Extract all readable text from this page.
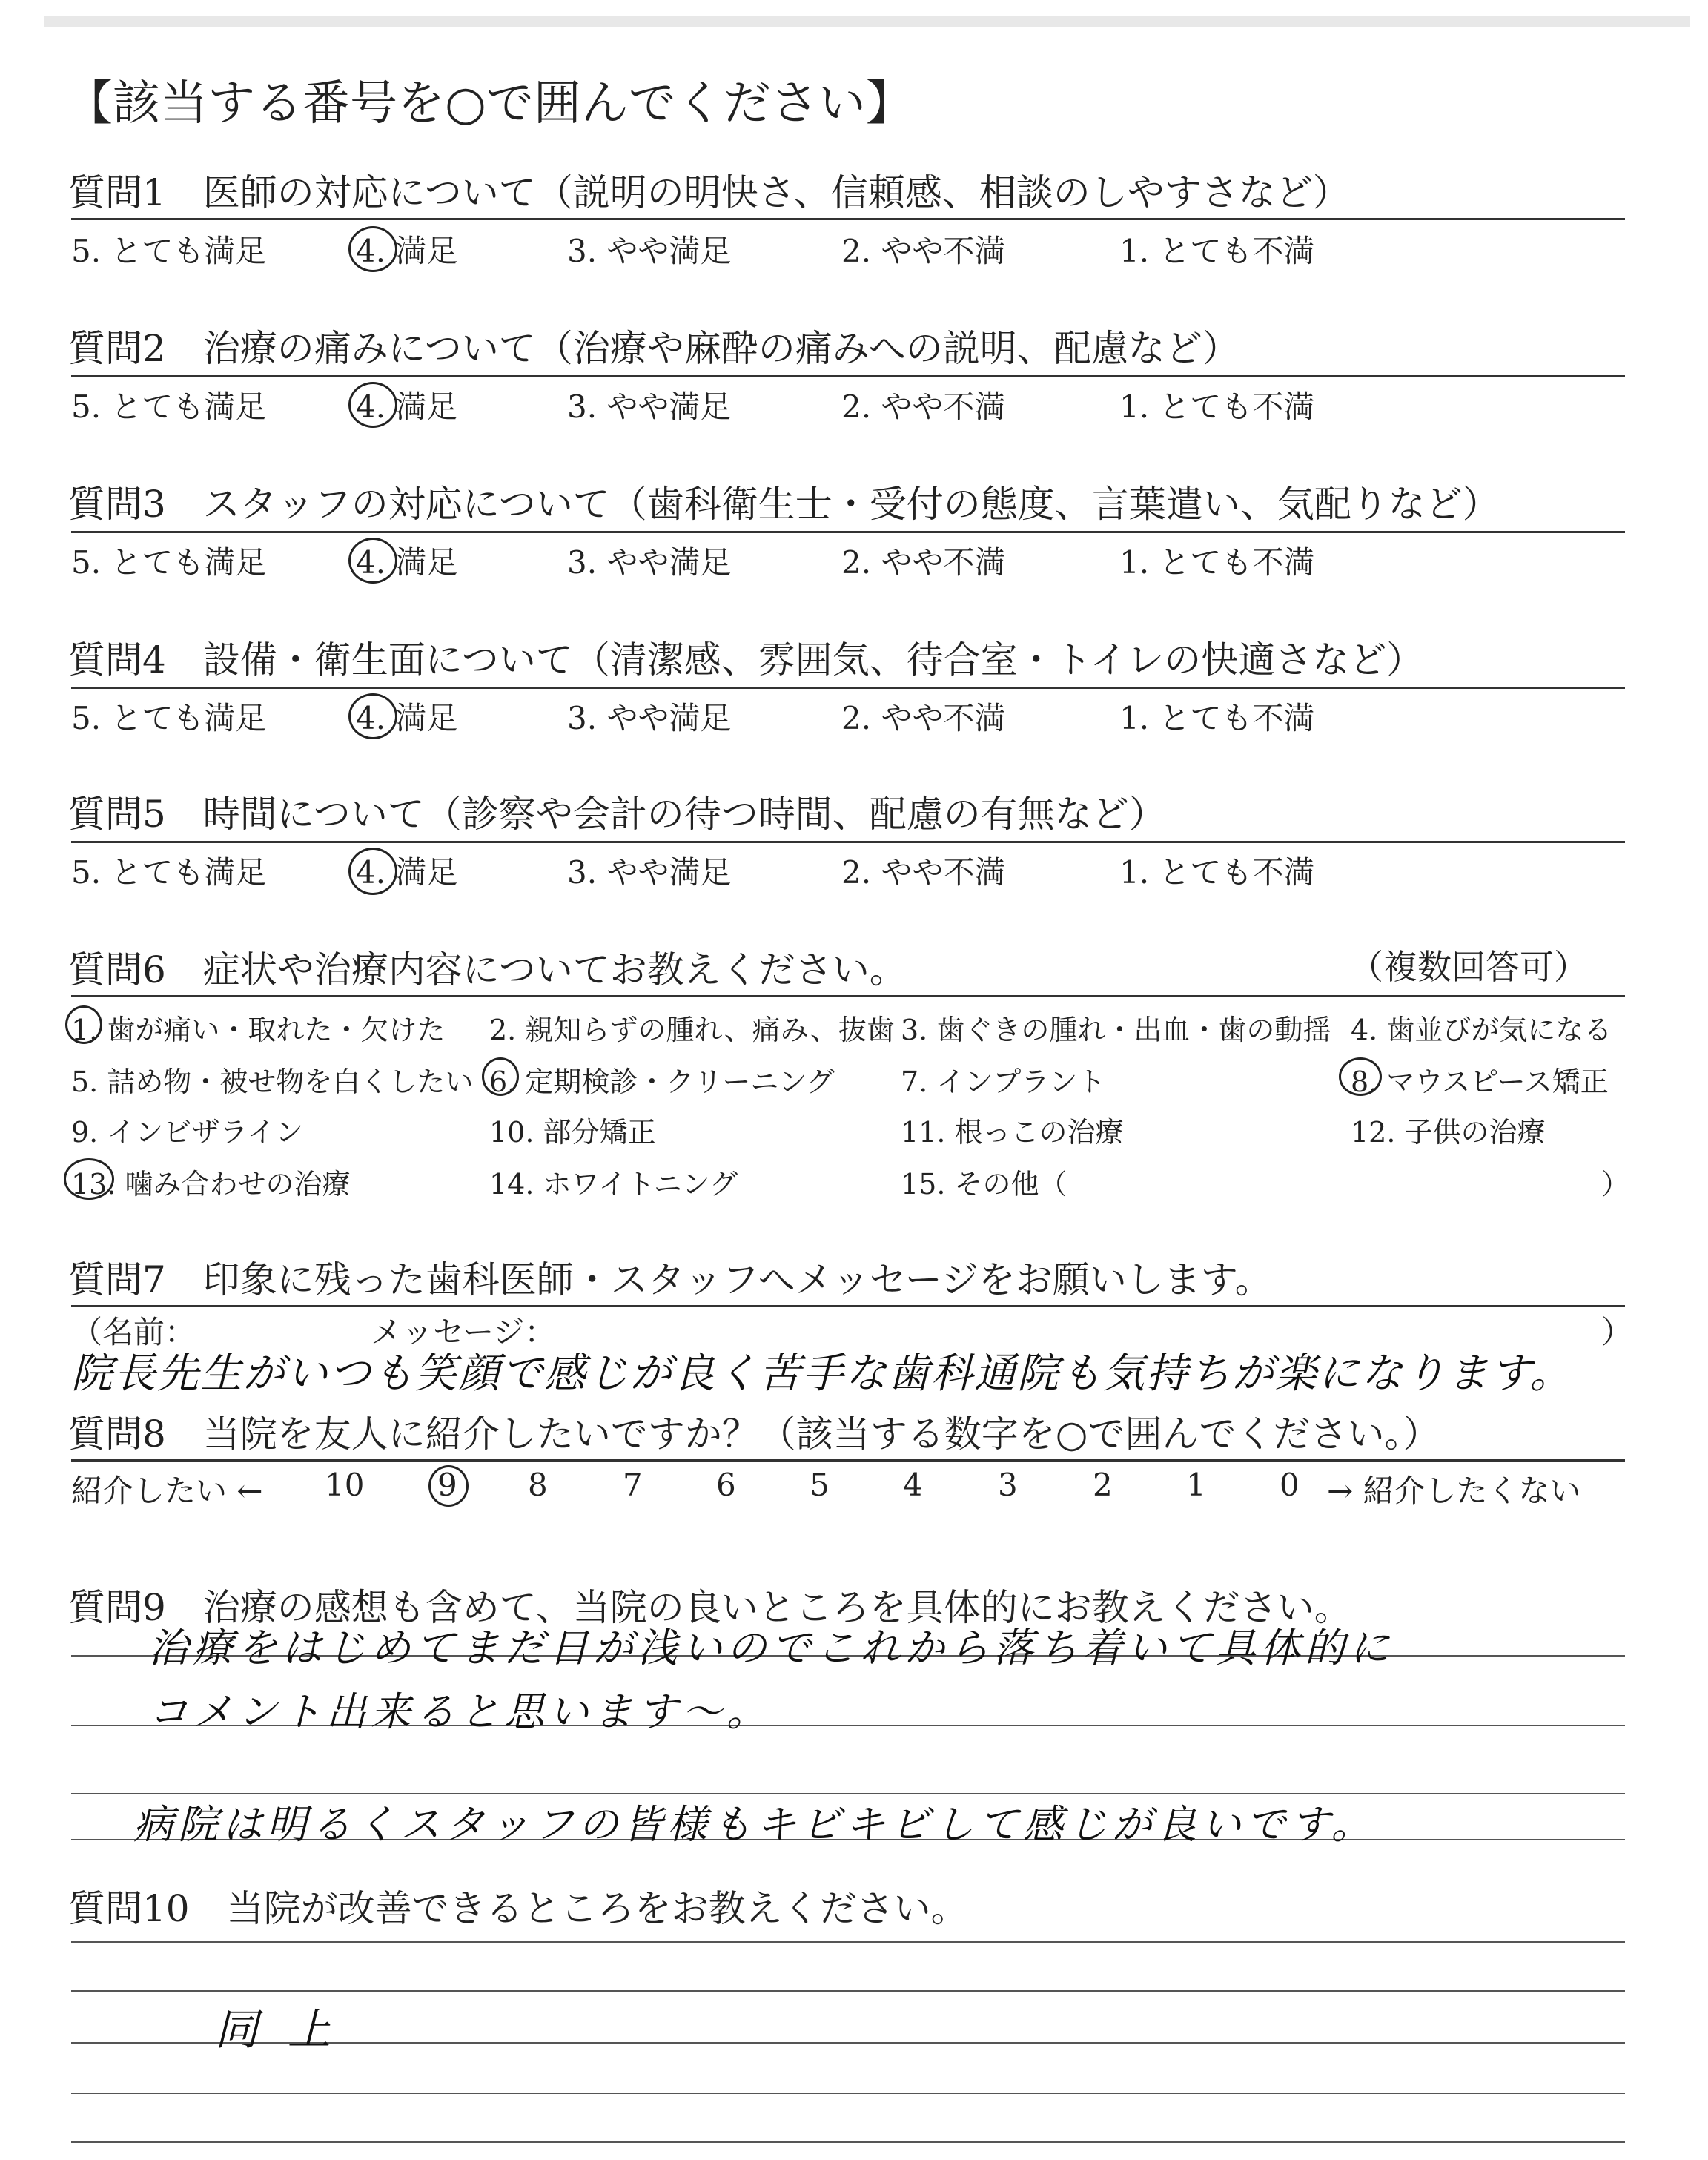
【該当する番号を○で囲んでください】
質問1　医師の対応について（説明の明快さ、信頼感、相談のしやすさなど）
5. とても満足	4. 満足	3. やや満足	2. やや不満	1. とても不満
質問2　治療の痛みについて（治療や麻酔の痛みへの説明、配慮など）
5. とても満足	4. 満足	3. やや満足	2. やや不満	1. とても不満
質問3　スタッフの対応について（歯科衛生士・受付の態度、言葉遣い、気配りなど）
5. とても満足	4. 満足	3. やや満足	2. やや不満	1. とても不満
質問4　設備・衛生面について（清潔感、雰囲気、待合室・トイレの快適さなど）
5. とても満足	4. 満足	3. やや満足	2. やや不満	1. とても不満
質問5　時間について（診察や会計の待つ時間、配慮の有無など）
5. とても満足	4. 満足	3. やや満足	2. やや不満	1. とても不満
質問6　症状や治療内容についてお教えください。	（複数回答可）
1. 歯が痛い・取れた・欠けた 2. 親知らずの腫れ、痛み、抜歯 3. 歯ぐきの腫れ・出血・歯の動揺 4. 歯並びが気になる
5. 詰め物・被せ物を白くしたい 6. 定期検診・クリーニング 7. インプラント	8. マウスピース矯正
9. インビザライン	10. 部分矯正	11. 根っこの治療	12. 子供の治療
13. 噛み合わせの治療	14. ホワイトニング	15. その他（	）
質問7　印象に残った歯科医師・スタッフへメッセージをお願いします。
（名前：	メッセージ：	）
院長先生がいつも笑顔で感じが良く苦手な歯科通院も気持ちが楽になります。
質問8　当院を友人に紹介したいですか？（該当する数字を○で囲んでください。）
紹介したい ←	→ 紹介したくない
10 9 8 7 6 5 4 3 2 1 0
質問9　治療の感想も含めて、当院の良いところを具体的にお教えください。
治療をはじめてまだ日が浅いのでこれから落ち着いて具体的に
コメント出来ると思います〜。
病院は明るくスタッフの皆様もキビキビして感じが良いです。
質問10　当院が改善できるところをお教えください。
同上
